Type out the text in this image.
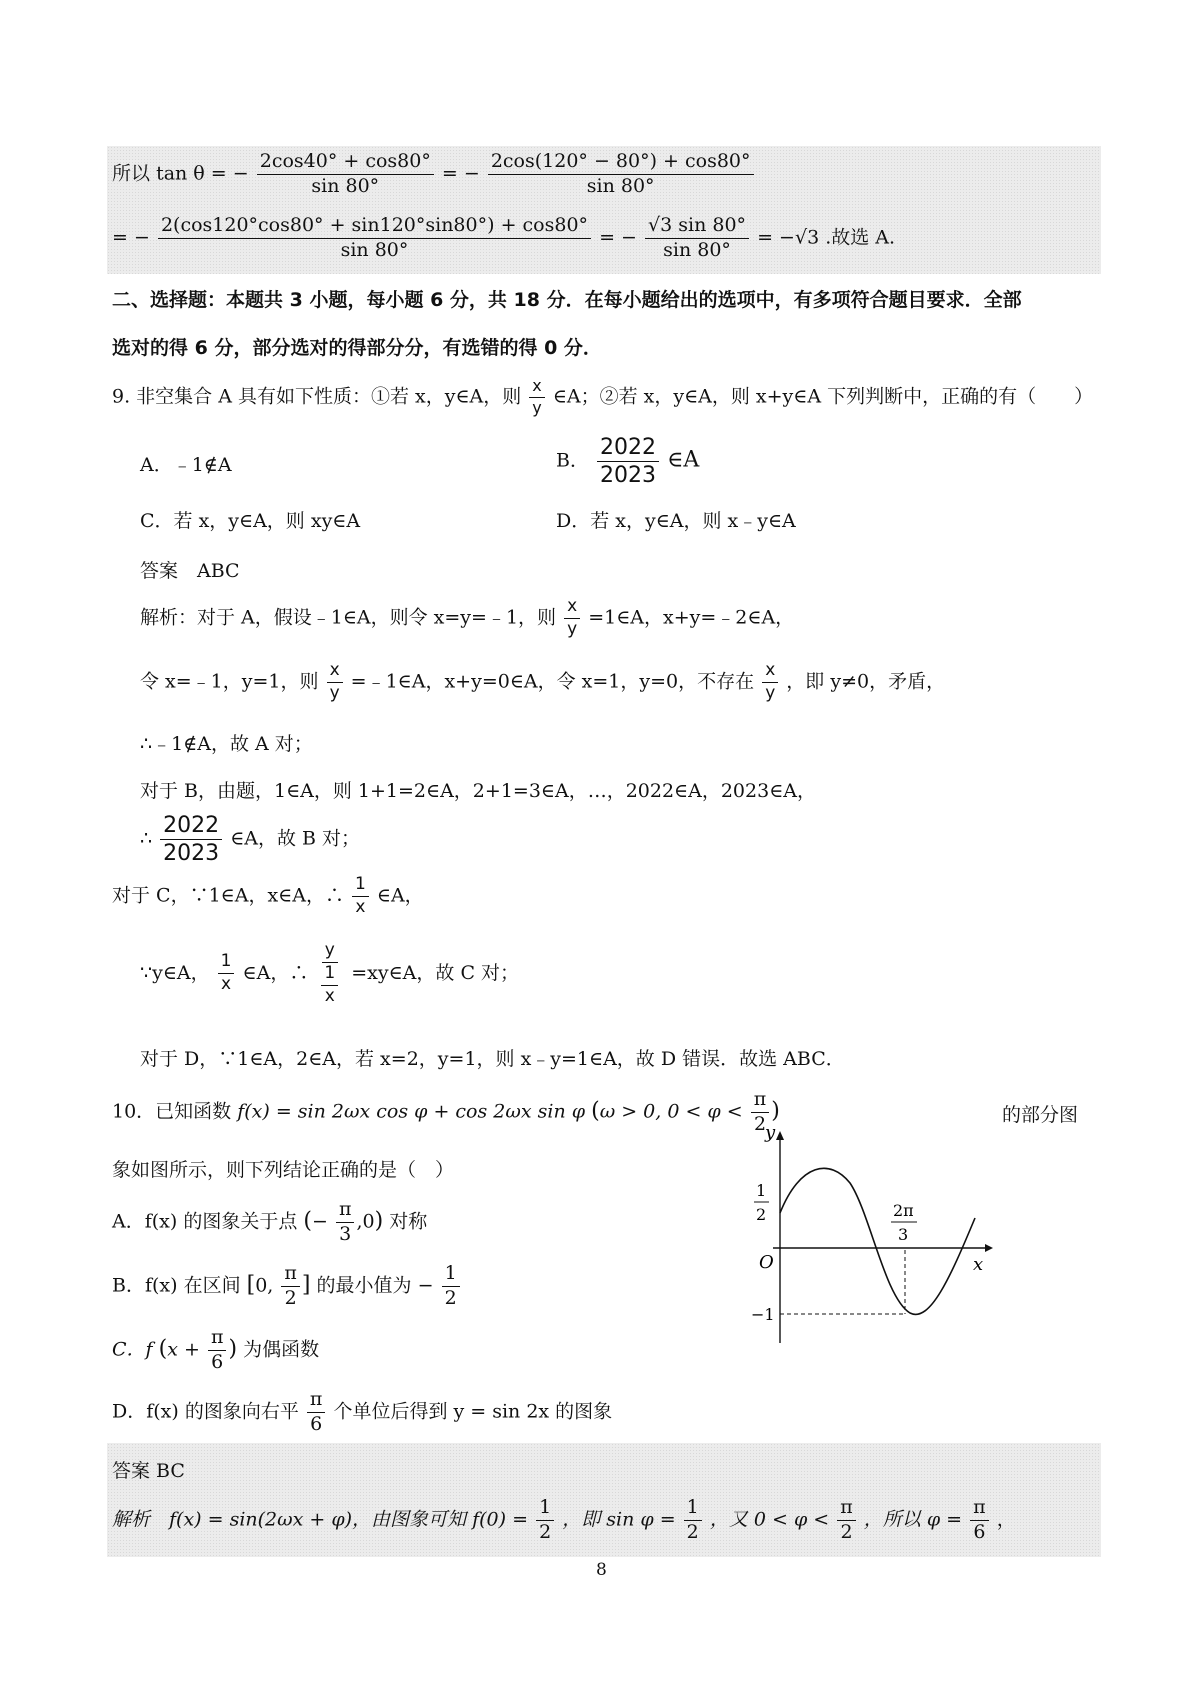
所以 tan θ = − $\frac{2\cos 40^\circ + \cos 80^\circ}{\sin 80^\circ}$ = − $\frac{2\cos(120^\circ - 80^\circ) + \cos 80^\circ}{\sin 80^\circ}$
= − $\frac{2(\cos 120^\circ\cos 80^\circ + \sin 120^\circ\sin 80^\circ) + \cos 80^\circ}{\sin 80^\circ}$ = − $\frac{√3 \sin 80^\circ}{\sin 80^\circ} = -√3$ .故选 A.
二、选择题：本题共 3 小题，每小题 6 分，共 18 分．在每小题给出的选项中，有多项符合题目要求．全部
选对的得 6 分，部分选对的得部分分，有选错的得 0 分．
9. 非空集合 A 具有如下性质：①若 x，y∈A，则 $\frac{x}{y}$ ∈A；②若 x，y∈A，则 x+y∈A 下列判断中，正确的有（　　）
A．﹣1∉A	B． $\frac{2022}{2023}$ ∈A
C．若 x，y∈A，则 xy∈A	D．若 x，y∈A，则 x﹣y∈A
答案　ABC
解析：对于 A，假设﹣1∈A，则令 x=y=﹣1，则 $\frac{x}{y}$ =1∈A，x+y=﹣2∈A，
令 x=﹣1，y=1，则 $\frac{x}{y}$ =﹣1∈A，x+y=0∈A，令 x=1，y=0，不存在 $\frac{x}{y}$ ，即 y≠0，矛盾，
∴﹣1∉A，故 A 对；
对于 B，由题，1∈A，则 1+1=2∈A，2+1=3∈A，…，2022∈A，2023∈A，
∴ $\frac{2022}{2023}$ ∈A，故 B 对；
对于 C，∵1∈A，x∈A，∴ $\frac{1}{x}$ ∈A，
∵y∈A， $\frac{1}{x}$ ∈A，∴ $\frac{y}{\frac{1}{x}}$ =xy∈A，故 C 对；
对于 D，∵1∈A，2∈A，若 x=2，y=1，则 x﹣y=1∈A，故 D 错误．故选 ABC．
10．已知函数 f(x) = sin 2ωx cos φ + cos 2ωx sin φ (ω > 0, $0 < \varphi < \frac{\pi}{2}$ )	的部分图
象如图所示，则下列结论正确的是（　）
A．f(x) 的图象关于点 (− $\frac{\pi}{3} ,0$) 对称
B．f(x) 在区间 [0, $\frac{\pi}{2}$ ] 的最小值为 − $\frac{1}{2}$
C．f ($x + \frac{\pi}{6}$ ) 为偶函数
D．f(x) 的图象向右平 $\frac{\pi}{6}$ 个单位后得到 y = sin 2x 的图象
y
x
O
1
2
−1
2π
3
答案 BC
解析　f(x) = sin(2ωx + φ)，由图象可知 $f(0) = \frac{1}{2}$ ，即 $\sin \varphi = \frac{1}{2}$ ，又 $0 < \varphi < \frac{\pi}{2}$ ，所以 $\varphi = \frac{\pi}{6}$ ，
8
